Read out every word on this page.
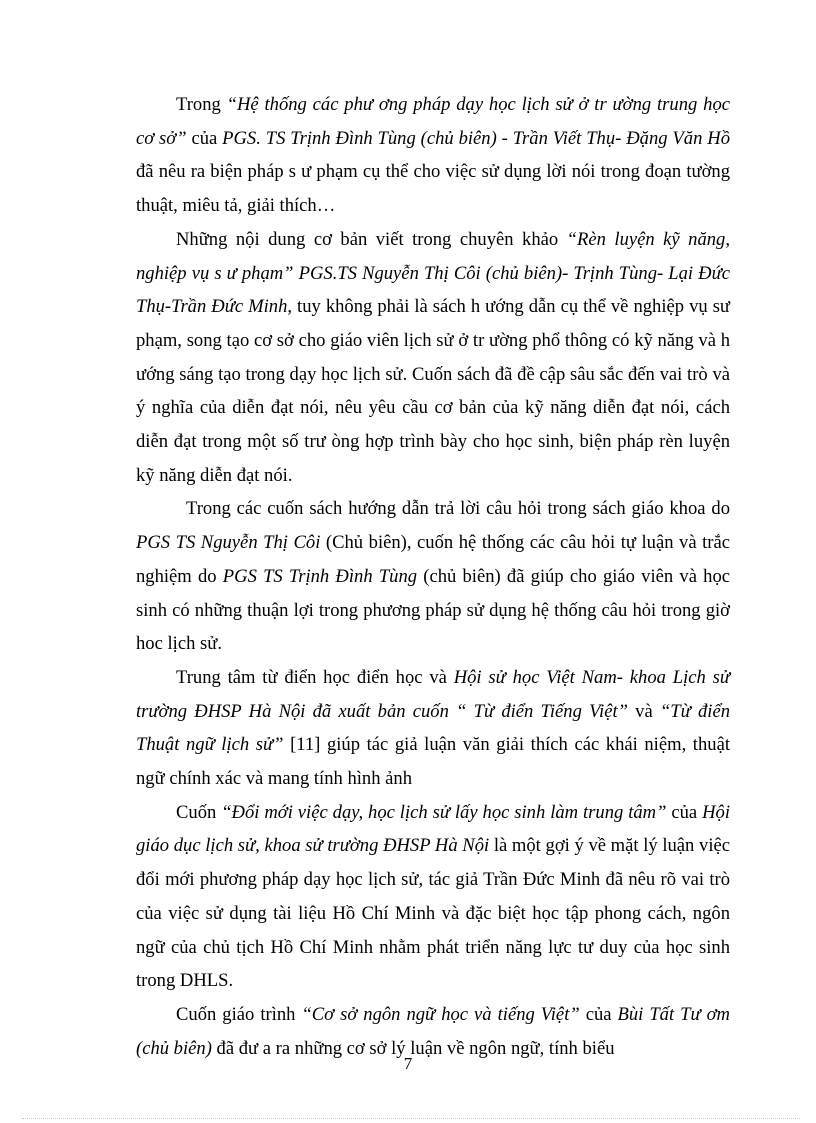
Trong “Hệ thống các phư ơng pháp dạy học lịch sử ở tr ường trung học cơ sở” của PGS. TS Trịnh Đình Tùng (chủ biên) - Trần Viết Thụ- Đặng Văn Hồ đã nêu ra biện pháp s ư phạm cụ thể cho việc sử dụng lời nói trong đoạn tường thuật, miêu tả, giải thích…

Những nội dung cơ bản viết trong chuyên khảo “Rèn luyện kỹ năng, nghiệp vụ s ư phạm” PGS.TS Nguyễn Thị Côi (chủ biên)- Trịnh Tùng- Lại Đức Thụ-Trần Đức Minh, tuy không phải là sách h ướng dẫn cụ thể về nghiệp vụ sư phạm, song tạo cơ sở cho giáo viên lịch sử ở tr ường phổ thông có kỹ năng và h ướng sáng tạo trong dạy học lịch sử. Cuốn sách đã đề cập sâu sắc đến vai trò và ý nghĩa của diễn đạt nói, nêu yêu cầu cơ bản của kỹ năng diễn đạt nói, cách diễn đạt trong một số trư òng hợp trình bày cho học sinh, biện pháp rèn luyện kỹ năng diễn đạt nói.

Trong các cuốn sách hướng dẫn trả lời câu hỏi trong sách giáo khoa do PGS TS Nguyễn Thị Côi (Chủ biên), cuốn hệ thống các câu hỏi tự luận và trắc nghiệm do PGS TS Trịnh Đình Tùng (chủ biên) đã giúp cho giáo viên và học sinh có những thuận lợi trong phương pháp sử dụng hệ thống câu hỏi trong giờ hoc lịch sử.

Trung tâm từ điển học điển học và Hội sử học Việt Nam- khoa Lịch sử trường ĐHSP Hà Nội đã xuất bản cuốn “ Từ điển Tiếng Việt” và “Từ điển Thuật ngữ lịch sử” [11] giúp tác giả luận văn giải thích các khái niệm, thuật ngữ chính xác và mang tính hình ảnh

Cuốn “Đổi mới việc dạy, học lịch sử lấy học sinh làm trung tâm” của Hội giáo dục lịch sử, khoa sử trường ĐHSP Hà Nội là một gợi ý về mặt lý luận việc đổi mới phương pháp dạy học lịch sử, tác giả Trần Đức Minh đã nêu rõ vai trò của việc sử dụng tài liệu Hồ Chí Minh và đặc biệt học tập phong cách, ngôn ngữ của chủ tịch Hồ Chí Minh nhằm phát triển năng lực tư duy của học sinh trong DHLS.

Cuốn giáo trình “Cơ sở ngôn ngữ học và tiếng Việt” của Bùi Tất Tư ơm (chủ biên) đã đư a ra những cơ sở lý luận về ngôn ngữ, tính biểu

7
